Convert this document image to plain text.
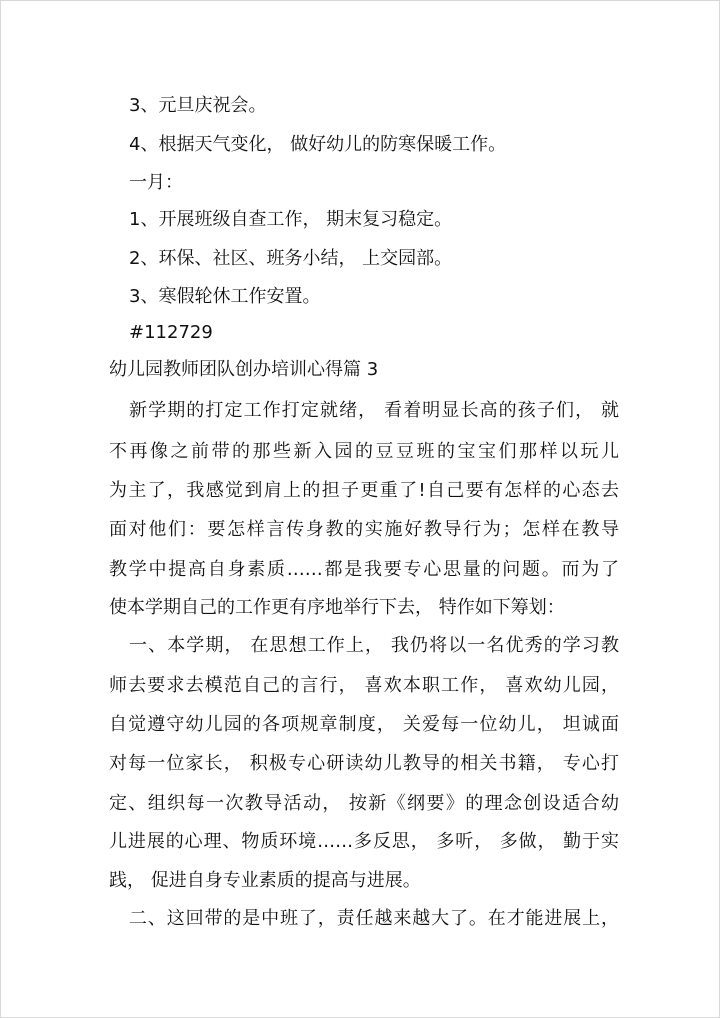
3、元旦庆祝会。
4、根据天气变化， 做好幼儿的防寒保暖工作。
一月：
1、开展班级自查工作， 期末复习稳定。
2、环保、社区、班务小结， 上交园部。
3、寒假轮休工作安置。
#112729
幼儿园教师团队创办培训心得篇 3
新学期的打定工作打定就绪， 看着明显长高的孩子们， 就
不再像之前带的那些新入园的豆豆班的宝宝们那样以玩儿
为主了，我感觉到肩上的担子更重了!自己要有怎样的心态去
面对他们：要怎样言传身教的实施好教导行为；怎样在教导
教学中提高自身素质……都是我要专心思量的问题。而为了
使本学期自己的工作更有序地举行下去， 特作如下筹划：
一、本学期， 在思想工作上， 我仍将以一名优秀的学习教
师去要求去模范自己的言行， 喜欢本职工作， 喜欢幼儿园，
自觉遵守幼儿园的各项规章制度， 关爱每一位幼儿， 坦诚面
对每一位家长， 积极专心研读幼儿教导的相关书籍， 专心打
定、组织每一次教导活动， 按新《纲要》的理念创设适合幼
儿进展的心理、物质环境……多反思， 多听， 多做， 勤于实
践， 促进自身专业素质的提高与进展。
二、这回带的是中班了，责任越来越大了。在才能进展上，
